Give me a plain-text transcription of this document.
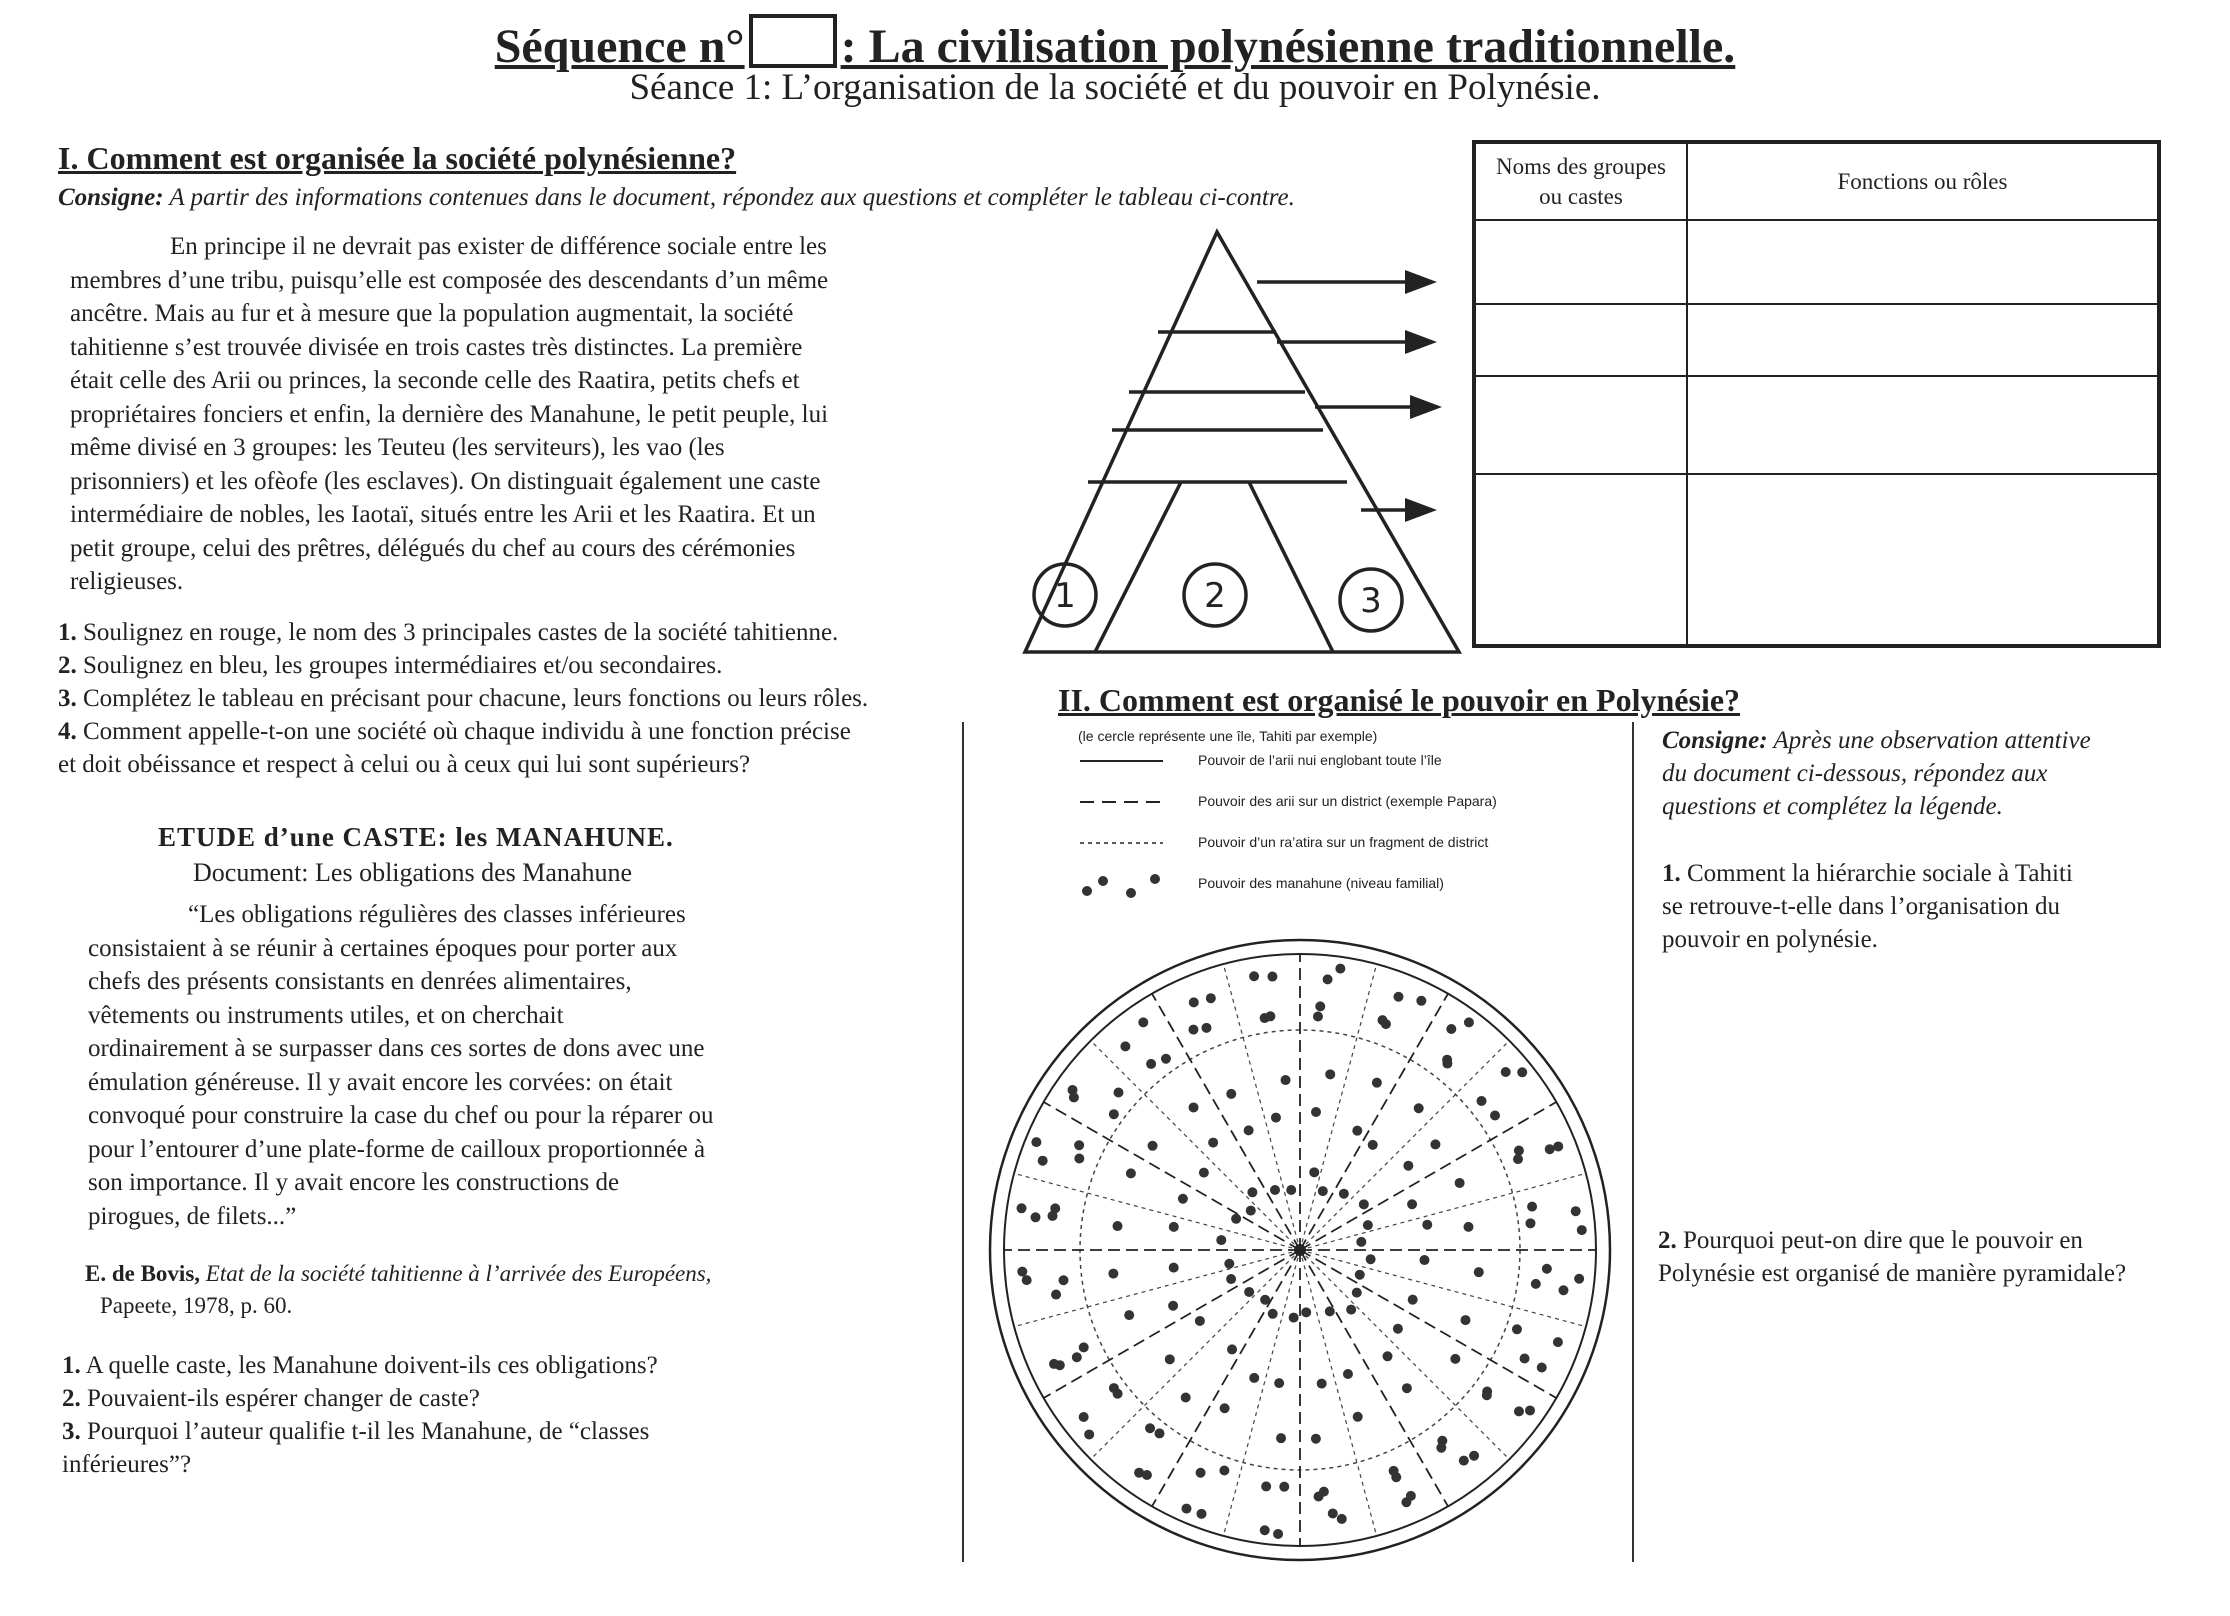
Séquence n° : La civilisation polynésienne traditionnelle.
Séance 1: L’organisation de la société et du pouvoir en Polynésie.
I. Comment est organisée la société polynésienne?
Consigne: A partir des informations contenues dans le document, répondez aux questions et compléter le tableau ci-contre.
En principe il ne devrait pas exister de différence sociale entre les
membres d’une tribu, puisqu’elle est composée des descendants d’un même
ancêtre. Mais au fur et à mesure que la population augmentait, la société
tahitienne s’est trouvée divisée en trois castes très distinctes. La première
était celle des Arii ou princes, la seconde celle des Raatira, petits chefs et
propriétaires fonciers et enfin, la dernière des Manahune, le petit peuple, lui
même divisé en 3 groupes: les Teuteu (les serviteurs), les vao (les
prisonniers) et les ofèofe (les esclaves). On distinguait également une caste
intermédiaire de nobles, les Iaotaï, situés entre les Arii et les Raatira. Et un
petit groupe, celui des prêtres, délégués du chef au cours des cérémonies
religieuses.
1. Soulignez en rouge, le nom des 3 principales castes de la société tahitienne.
2. Soulignez en bleu, les groupes intermédiaires et/ou secondaires.
3. Complétez le tableau en précisant pour chacune, leurs fonctions ou leurs rôles.
4. Comment appelle-t-on une société où chaque individu à une fonction précise
et doit obéissance et respect à celui ou à ceux qui lui sont supérieurs?
1	2	3
Noms des groupes
ou castes	Fonctions ou rôles

ETUDE d’une CASTE: les MANAHUNE.
Document: Les obligations des Manahune
“Les obligations régulières des classes inférieures
consistaient à se réunir à certaines époques pour porter aux
chefs des présents consistants en denrées alimentaires,
vêtements ou instruments utiles, et on cherchait
ordinairement à se surpasser dans ces sortes de dons avec une
émulation généreuse. Il y avait encore les corvées: on était
convoqué pour construire la case du chef ou pour la réparer ou
pour l’entourer d’une plate-forme de cailloux proportionnée à
son importance. Il y avait encore les constructions de
pirogues, de filets...”
E. de Bovis, Etat de la société tahitienne à l’arrivée des Européens,
Papeete, 1978, p. 60.
1. A quelle caste, les Manahune doivent-ils ces obligations?
2. Pouvaient-ils espérer changer de caste?
3. Pourquoi l’auteur qualifie t-il les Manahune, de “classes
inférieures”?
II. Comment est organisé le pouvoir en Polynésie?
(le cercle représente une île, Tahiti par exemple)
Pouvoir de l’arii nui englobant toute l’île
Pouvoir des arii sur un district (exemple Papara)
Pouvoir d’un ra’atira sur un fragment de district
Pouvoir des manahune (niveau familial)
Consigne: Après une observation attentive
du document ci-dessous, répondez aux
questions et complétez la légende.
1. Comment la hiérarchie sociale à Tahiti
se retrouve-t-elle dans l’organisation du
pouvoir en polynésie.
2. Pourquoi peut-on dire que le pouvoir en
Polynésie est organisé de manière pyramidale?
